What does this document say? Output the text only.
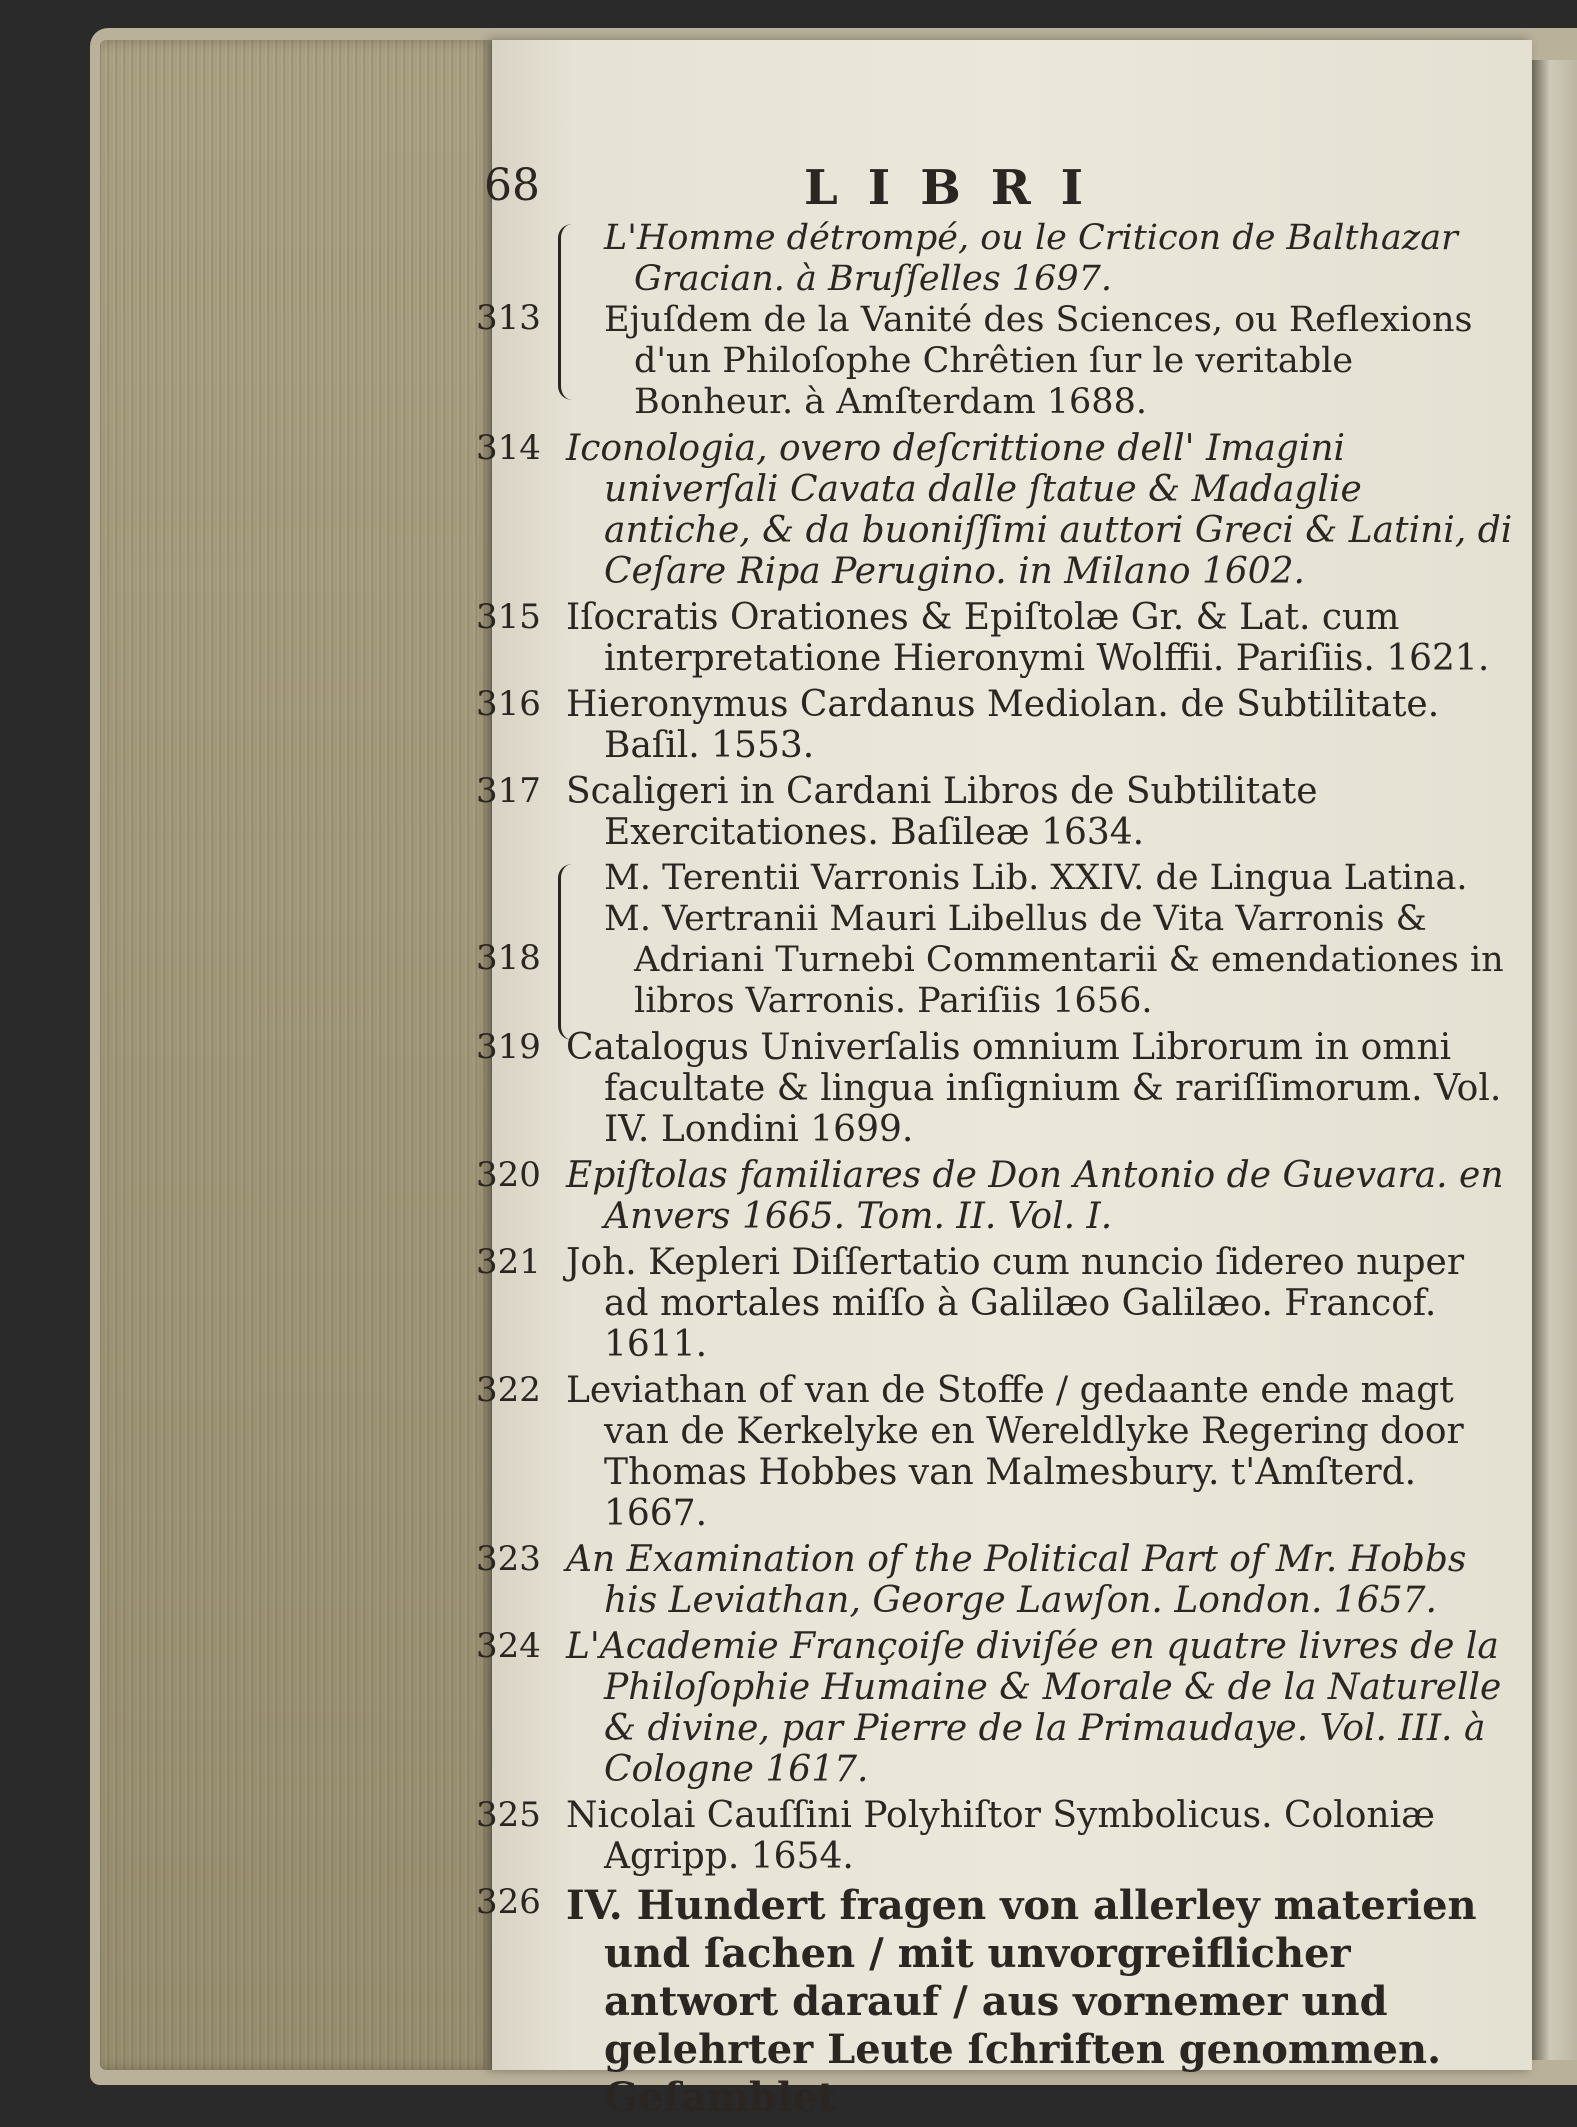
68	LIBRI
313
L'Homme détrompé, ou le Criticon de Balthazar Gracian. à Bruſſelles 1697.
Ejuſdem de la Vanité des Sciences, ou Reflexions d'un Philoſophe Chrêtien ſur le veritable Bonheur. à Amſterdam 1688.
314 Iconologia, overo deſcrittione dell' Imagini univerſali Cavata dalle ſtatue & Madaglie antiche, & da buoniſſimi auttori Greci & Latini, di Ceſare Ripa Perugino. in Milano 1602.
315 Iſocratis Orationes & Epiſtolæ Gr. & Lat. cum interpretatione Hieronymi Wolffii. Pariſiis. 1621.
316 Hieronymus Cardanus Mediolan. de Subtilitate. Baſil. 1553.
317 Scaligeri in Cardani Libros de Subtilitate Exercitationes. Baſileæ 1634.
318
M. Terentii Varronis Lib. XXIV. de Lingua Latina.
M. Vertranii Mauri Libellus de Vita Varronis & Adriani Turnebi Commentarii & emendationes in libros Varronis. Pariſiis 1656.
319 Catalogus Univerſalis omnium Librorum in omni facultate & lingua inſignium & rariſſimorum. Vol. IV. Londini 1699.
320 Epiſtolas familiares de Don Antonio de Guevara. en Anvers 1665. Tom. II. Vol. I.
321 Joh. Kepleri Diſſertatio cum nuncio ſidereo nuper ad mortales miſſo à Galilæo Galilæo. Francof. 1611.
322 Leviathan of van de Stoffe / gedaante ende magt van de Kerkelyke en Wereldlyke Regering door Thomas Hobbes van Malmesbury. t'Amſterd. 1667.
323 An Examination of the Political Part of Mr. Hobbs his Leviathan, George Lawſon. London. 1657.
324 L'Academie Françoiſe diviſée en quatre livres de la Philoſophie Humaine & Morale & de la Naturelle & divine, par Pierre de la Primaudaye. Vol. III. à Cologne 1617.
325 Nicolai Cauſſini Polyhiſtor Symbolicus. Coloniæ Agripp. 1654.
326 IV. Hundert fragen von allerley materien und ſachen / mit unvorgreiflicher antwort darauf / aus vornemer und gelehrter Leute ſchriften genommen. Geſamblet
